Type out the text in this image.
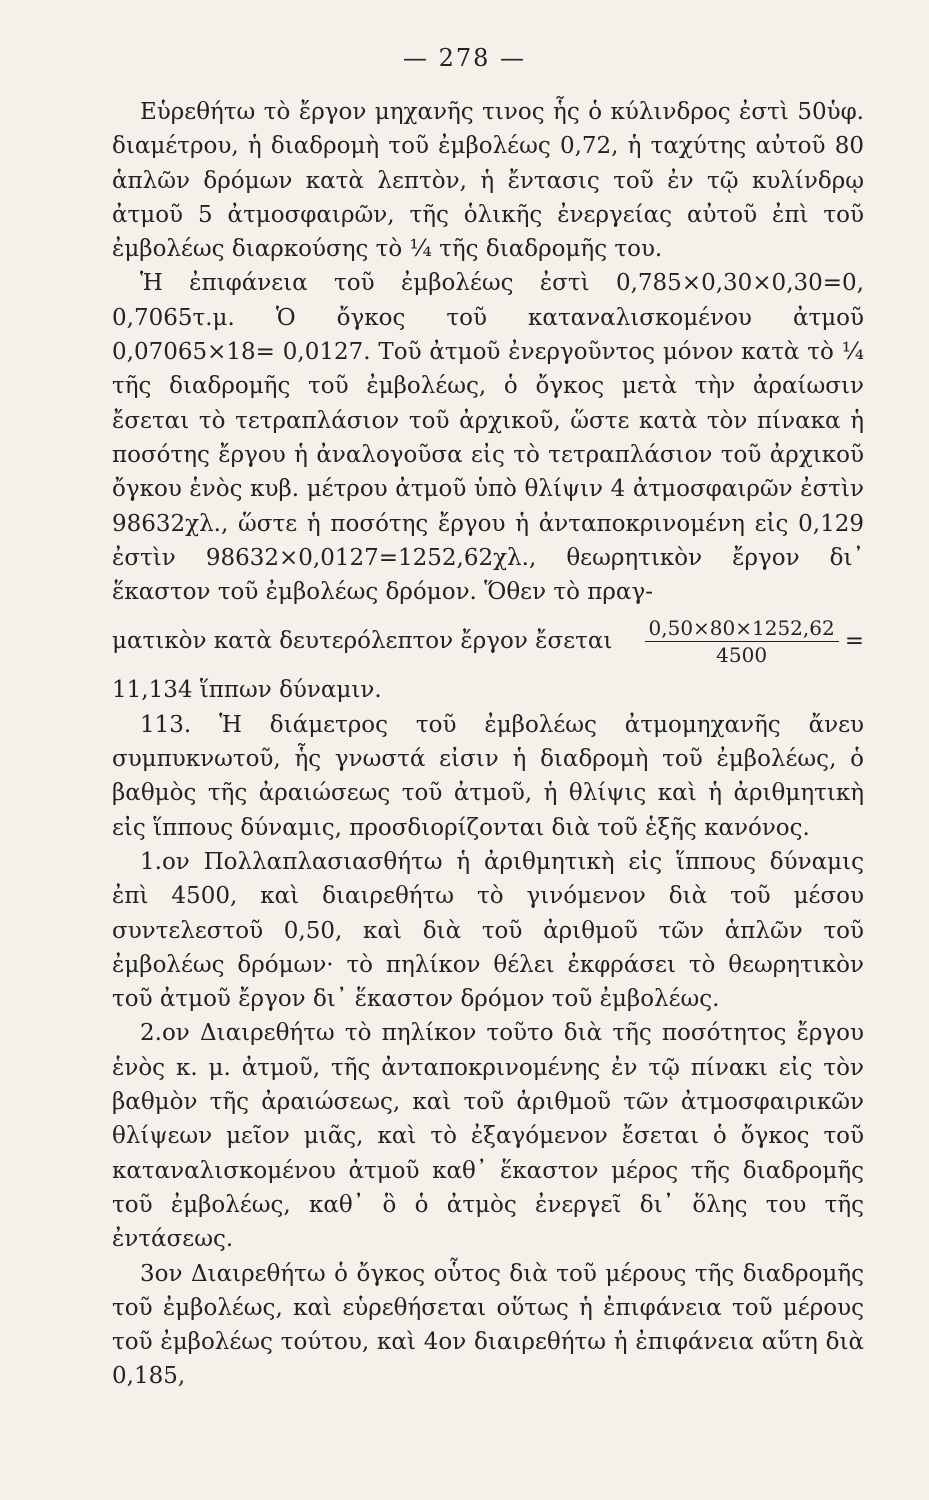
— 278 —

Εὑρεθήτω τὸ ἔργον μηχανῆς τινος ἧς ὁ κύλινδρος ἐστὶ 50ὑφ. διαμέτρου, ἡ διαδρομὴ τοῦ ἐμβολέως 0,72, ἡ ταχύτης αὐτοῦ 80 ἁπλῶν δρόμων κατὰ λεπτὸν, ἡ ἔντασις τοῦ ἐν τῷ κυλίνδρῳ ἀτμοῦ 5 ἀτμοσφαιρῶν, τῆς ὁλικῆς ἐνεργείας αὐτοῦ ἐπὶ τοῦ ἐμβολέως διαρκούσης τὸ ¼ τῆς διαδρομῆς του.

Ἡ ἐπιφάνεια τοῦ ἐμβολέως ἐστὶ 0,785×0,30×0,30=0, 0,7065τ.μ. Ὁ ὄγκος τοῦ καταναλισκομένου ἀτμοῦ 0,07065×18= 0,0127. Τοῦ ἀτμοῦ ἐνεργοῦντος μόνον κατὰ τὸ ¼ τῆς διαδρομῆς τοῦ ἐμβολέως, ὁ ὄγκος μετὰ τὴν ἀραίωσιν ἔσεται τὸ τετραπλάσιον τοῦ ἀρχικοῦ, ὥστε κατὰ τὸν πίνακα ἡ ποσότης ἔργου ἡ ἀναλογοῦσα εἰς τὸ τετραπλάσιον τοῦ ἀρχικοῦ ὄγκου ἑνὸς κυβ. μέτρου ἀτμοῦ ὑπὸ θλίψιν 4 ἀτμοσφαιρῶν ἐστὶν 98632χλ., ὥστε ἡ ποσότης ἔργου ἡ ἀνταποκρινομένη εἰς 0,129 ἐστὶν 98632×0,0127=1252,62χλ., θεωρητικὸν ἔργον δι᾽ ἕκαστον τοῦ ἐμβολέως δρόμον. Ὅθεν τὸ πραγ-

ματικὸν κατὰ δευτερόλεπτον ἔργον ἔσεται $\frac{0,50\times 80\times 1252,62}{4500}$ =

11,134 ἵππων δύναμιν.

113. Ἡ διάμετρος τοῦ ἐμβολέως ἀτμομηχανῆς ἄνευ συμπυκνωτοῦ, ἧς γνωστά εἰσιν ἡ διαδρομὴ τοῦ ἐμβολέως, ὁ βαθμὸς τῆς ἀραιώσεως τοῦ ἀτμοῦ, ἡ θλίψις καὶ ἡ ἀριθμητικὴ εἰς ἵππους δύναμις, προσδιορίζονται διὰ τοῦ ἑξῆς κανόνος.

1.ον Πολλαπλασιασθήτω ἡ ἀριθμητικὴ εἰς ἵππους δύναμις ἐπὶ 4500, καὶ διαιρεθήτω τὸ γινόμενον διὰ τοῦ μέσου συντελεστοῦ 0,50, καὶ διὰ τοῦ ἀριθμοῦ τῶν ἁπλῶν τοῦ ἐμβολέως δρόμων· τὸ πηλίκον θέλει ἐκφράσει τὸ θεωρητικὸν τοῦ ἀτμοῦ ἔργον δι᾽ ἕκαστον δρόμον τοῦ ἐμβολέως.

2.ον Διαιρεθήτω τὸ πηλίκον τοῦτο διὰ τῆς ποσότητος ἔργου ἑνὸς κ. μ. ἀτμοῦ, τῆς ἀνταποκρινομένης ἐν τῷ πίνακι εἰς τὸν βαθμὸν τῆς ἀραιώσεως, καὶ τοῦ ἀριθμοῦ τῶν ἀτμοσφαιρικῶν θλίψεων μεῖον μιᾶς, καὶ τὸ ἐξαγόμενον ἔσεται ὁ ὄγκος τοῦ καταναλισκομένου ἀτμοῦ καθ᾽ ἕκαστον μέρος τῆς διαδρομῆς τοῦ ἐμβολέως, καθ᾽ ὃ ὁ ἀτμὸς ἐνεργεῖ δι᾽ ὅλης του τῆς ἐντάσεως.

3ον Διαιρεθήτω ὁ ὄγκος οὗτος διὰ τοῦ μέρους τῆς διαδρομῆς τοῦ ἐμβολέως, καὶ εὑρεθήσεται οὕτως ἡ ἐπιφάνεια τοῦ μέρους τοῦ ἐμβολέως τούτου, καὶ 4ον διαιρεθήτω ἡ ἐπιφάνεια αὕτη διὰ 0,185,
